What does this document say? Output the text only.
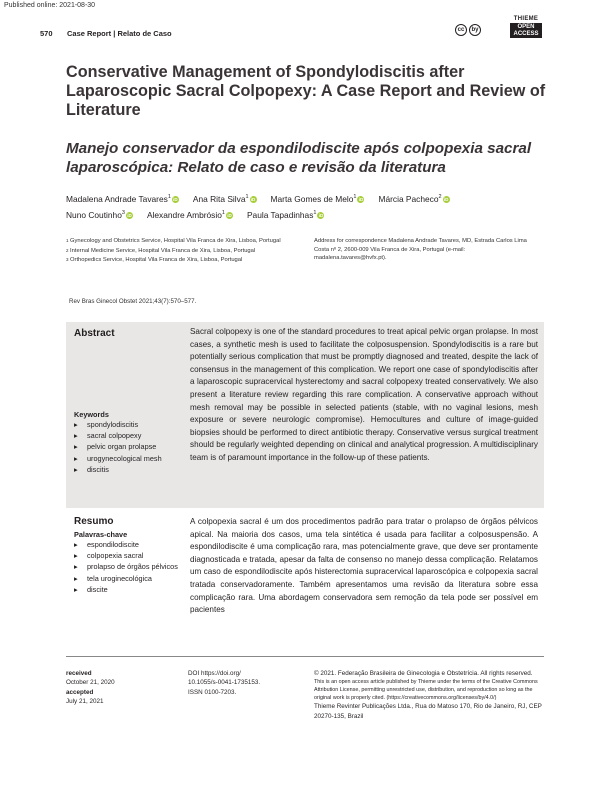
Published online: 2021-08-30
570 Case Report | Relato de Caso	cc	by
THIEME
OPEN
ACCESS
Conservative Management of Spondylodiscitis after Laparoscopic Sacral Colpopexy: A Case Report and Review of Literature
Manejo conservador da espondilodiscite após colpopexia sacral laparoscópica: Relato de caso e revisão da literatura
Madalena Andrade Tavares$^1$ iD Ana Rita Silva$^1$ iD Marta Gomes de Melo$^1$ iD Márcia Pacheco$^2$ iD
Nuno Coutinho$^3$ iD Alexandre Ambrósio$^1$ iD Paula Tapadinhas$^1$ iD
1 Gynecology and Obstetrics Service, Hospital Vila Franca de Xira, Lisboa, Portugal
2 Internal Medicine Service, Hospital Vila Franca de Xira, Lisboa, Portugal
3 Orthopedics Service, Hospital Vila Franca de Xira, Lisboa, Portugal
Address for correspondence Madalena Andrade Tavares, MD, Estrada Carlos Lima Costa nº 2, 2600-009 Vila Franca de Xira, Portugal (e-mail: madalena.tavares@hvfx.pt).
Rev Bras Ginecol Obstet 2021;43(7):570–577.
Abstract
Keywords
▸	spondylodiscitis
▸	sacral colpopexy
▸	pelvic organ prolapse
▸	urogynecological mesh
▸	discitis

Sacral colpopexy is one of the standard procedures to treat apical pelvic organ prolapse. In most cases, a synthetic mesh is used to facilitate the colposuspension. Spondylodiscitis is a rare but potentially serious complication that must be promptly diagnosed and treated, despite the lack of consensus in the management of this complication. We report one case of spondylodiscitis after a laparoscopic supracervical hysterectomy and sacral colpopexy treated conservatively. We also present a literature review regarding this rare complication. A conservative approach without mesh removal may be possible in selected patients (stable, with no vaginal lesions, mesh exposure or severe neurologic compromise). Hemocultures and culture of image-guided biopsies should be performed to direct antibiotic therapy. Conservative versus surgical treatment should be regularly weighted depending on clinical and analytical progression. A multidisciplinary team is of paramount importance in the follow-up of these patients.

Resumo
Palavras-chave
▸	espondilodiscite
▸	colpopexia sacral
▸	prolapso de órgãos pélvicos
▸	tela uroginecológica
▸	discite

A colpopexia sacral é um dos procedimentos padrão para tratar o prolapso de órgãos pélvicos apical. Na maioria dos casos, uma tela sintética é usada para facilitar a colposuspensão. A espondilodiscite é uma complicação rara, mas potencialmente grave, que deve ser prontamente diagnosticada e tratada, apesar da falta de consenso no manejo dessa complicação. Relatamos um caso de espondilodiscite após histerectomia supracervical laparoscópica e colpopexia sacral tratada conservadoramente. Também apresentamos uma revisão da literatura sobre essa complicação rara. Uma abordagem conservadora sem remoção da tela pode ser possível em pacientes

received
October 21, 2020
accepted
July 21, 2021
DOI https://doi.org/
10.1055/s-0041-1735153.
ISSN 0100-7203.
© 2021. Federação Brasileira de Ginecologia e Obstetrícia. All rights reserved.
This is an open access article published by Thieme under the terms of the Creative Commons Attribution License, permitting unrestricted use, distribution, and reproduction so long as the original work is properly cited. (https://creativecommons.org/licenses/by/4.0/)
Thieme Revinter Publicações Ltda., Rua do Matoso 170, Rio de Janeiro, RJ, CEP 20270-135, Brazil
